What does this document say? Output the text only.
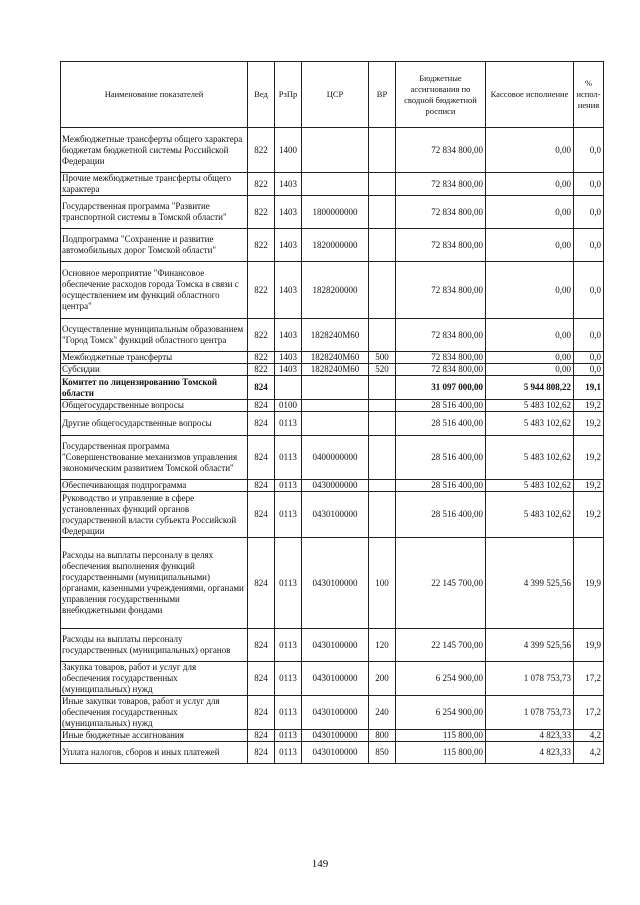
Наименование показателей	Вед	РзПр	ЦСР	ВР	Бюджетные ассигнования по сводной бюджетной росписи	Кассовое исполнение	% испол-нения
Межбюджетные трансферты общего характера бюджетам бюджетной системы Российской Федерации	822	1400			72 834 800,00	0,00	0,0
Прочие межбюджетные трансферты общего характера	822	1403			72 834 800,00	0,00	0,0
Государственная программа "Развитие транспортной системы в Томской области"	822	1403	1800000000		72 834 800,00	0,00	0,0
Подпрограмма "Сохранение и развитие автомобильных дорог Томской области"	822	1403	1820000000		72 834 800,00	0,00	0,0
Основное мероприятие "Финансовое обеспечение расходов города Томска в связи с осуществлением им функций областного центра"	822	1403	1828200000		72 834 800,00	0,00	0,0
Осуществление муниципальным образованием "Город Томск" функций областного центра	822	1403	1828240М60		72 834 800,00	0,00	0,0
Межбюджетные трансферты	822	1403	1828240М60	500	72 834 800,00	0,00	0,0
Субсидии	822	1403	1828240М60	520	72 834 800,00	0,00	0,0
Комитет по лицензированию Томской области	824				31 097 000,00	5 944 808,22	19,1
Общегосударственные вопросы	824	0100			28 516 400,00	5 483 102,62	19,2
Другие общегосударственные вопросы	824	0113			28 516 400,00	5 483 102,62	19,2
Государственная программа "Совершенствование механизмов управления экономическим развитием Томской области"	824	0113	0400000000		28 516 400,00	5 483 102,62	19,2
Обеспечивающая подпрограмма	824	0113	0430000000		28 516 400,00	5 483 102,62	19,2
Руководство и управление в сфере установленных функций органов государственной власти субъекта Российской Федерации	824	0113	0430100000		28 516 400,00	5 483 102,62	19,2
Расходы на выплаты персоналу в целях обеспечения выполнения функций государственными (муниципальными) органами, казенными учреждениями, органами управления государственными внебюджетными фондами	824	0113	0430100000	100	22 145 700,00	4 399 525,56	19,9
Расходы на выплаты персоналу государственных (муниципальных) органов	824	0113	0430100000	120	22 145 700,00	4 399 525,56	19,9
Закупка товаров, работ и услуг для обеспечения государственных (муниципальных) нужд	824	0113	0430100000	200	6 254 900,00	1 078 753,73	17,2
Иные закупки товаров, работ и услуг для обеспечения государственных (муниципальных) нужд	824	0113	0430100000	240	6 254 900,00	1 078 753,73	17,2
Иные бюджетные ассигнования	824	0113	0430100000	800	115 800,00	4 823,33	4,2
Уплата налогов, сборов и иных платежей	824	0113	0430100000	850	115 800,00	4 823,33	4,2
149
